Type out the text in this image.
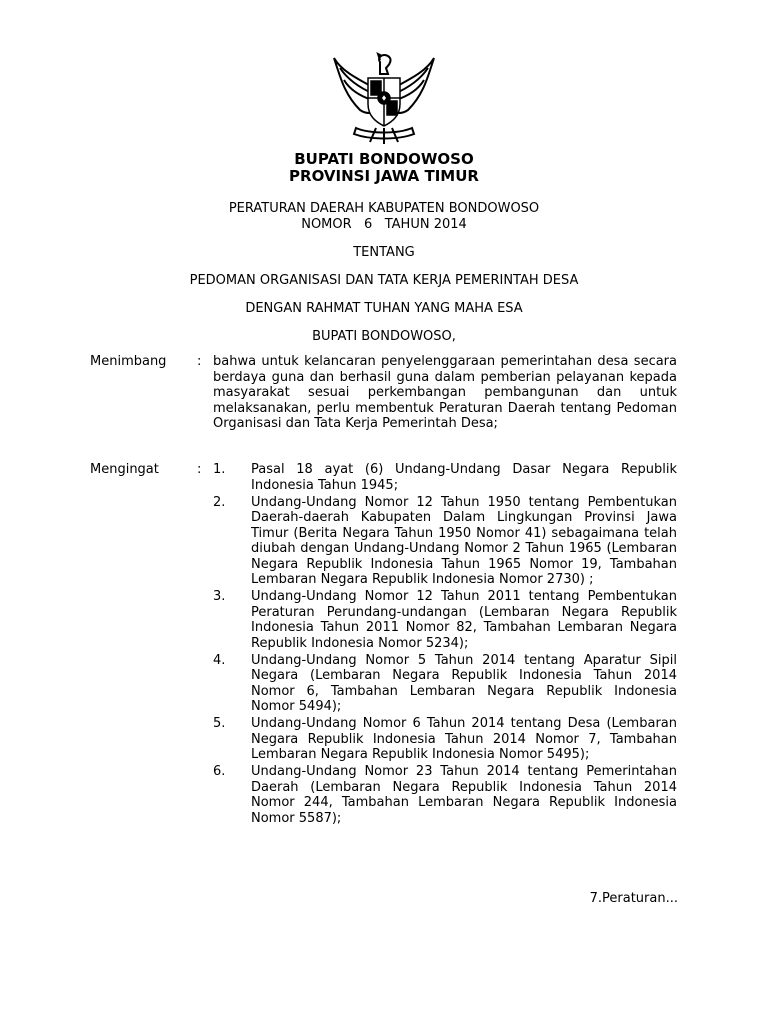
BUPATI BONDOWOSO
PROVINSI JAWA TIMUR
PERATURAN DAERAH KABUPATEN BONDOWOSO
NOMOR   6   TAHUN 2014
TENTANG
PEDOMAN ORGANISASI DAN TATA KERJA PEMERINTAH DESA
DENGAN RAHMAT TUHAN YANG MAHA ESA
BUPATI BONDOWOSO,
Menimbang : bahwa untuk kelancaran penyelenggaraan pemerintahan desa secara berdaya guna dan berhasil guna dalam pemberian pelayanan kepada masyarakat sesuai perkembangan pembangunan dan untuk melaksanakan, perlu membentuk Peraturan Daerah tentang Pedoman Organisasi dan Tata Kerja Pemerintah Desa;
Mengingat	: 1. Pasal 18 ayat (6) Undang-Undang Dasar Negara Republik Indonesia Tahun 1945;
2. Undang-Undang Nomor 12 Tahun 1950 tentang Pembentukan Daerah-daerah Kabupaten Dalam Lingkungan Provinsi Jawa Timur (Berita Negara Tahun 1950 Nomor 41) sebagaimana telah diubah dengan Undang-Undang Nomor 2 Tahun 1965 (Lembaran Negara Republik Indonesia Tahun 1965 Nomor 19, Tambahan Lembaran Negara Republik Indonesia Nomor 2730) ;
3. Undang-Undang Nomor 12 Tahun 2011 tentang Pembentukan Peraturan Perundang-undangan (Lembaran Negara Republik Indonesia Tahun 2011 Nomor 82, Tambahan Lembaran Negara Republik Indonesia Nomor 5234);
4. Undang-Undang Nomor 5 Tahun 2014 tentang Aparatur Sipil Negara (Lembaran Negara Republik Indonesia Tahun 2014 Nomor 6, Tambahan Lembaran Negara Republik Indonesia Nomor 5494);
5. Undang-Undang Nomor 6 Tahun 2014 tentang Desa (Lembaran Negara Republik Indonesia Tahun 2014 Nomor 7, Tambahan Lembaran Negara Republik Indonesia Nomor 5495);
6. Undang-Undang Nomor 23 Tahun 2014 tentang Pemerintahan Daerah (Lembaran Negara Republik Indonesia Tahun 2014 Nomor 244, Tambahan Lembaran Negara Republik Indonesia Nomor 5587);
7.Peraturan...
